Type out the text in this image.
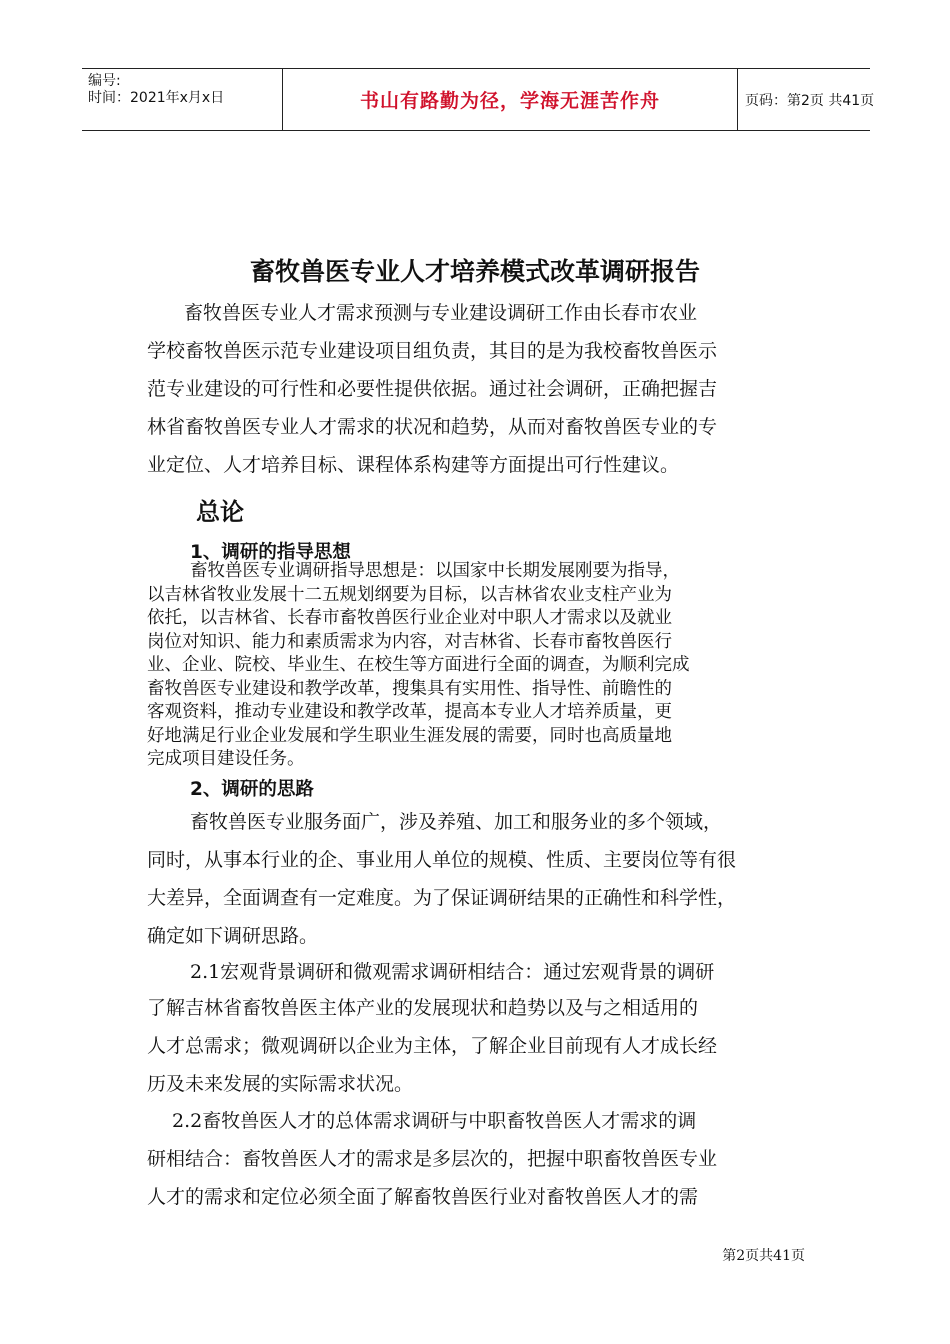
编号:
时间：2021年x月x日	书山有路勤为径，学海无涯苦作舟	页码：第2页 共41页
畜牧兽医专业人才培养模式改革调研报告
畜牧兽医专业人才需求预测与专业建设调研工作由长春市农业
学校畜牧兽医示范专业建设项目组负责，其目的是为我校畜牧兽医示
范专业建设的可行性和必要性提供依据。通过社会调研，正确把握吉
林省畜牧兽医专业人才需求的状况和趋势，从而对畜牧兽医专业的专
业定位、人才培养目标、课程体系构建等方面提出可行性建议。
总论
1、调研的指导思想
畜牧兽医专业调研指导思想是：以国家中长期发展刚要为指导，
以吉林省牧业发展十二五规划纲要为目标，以吉林省农业支柱产业为
依托，以吉林省、长春市畜牧兽医行业企业对中职人才需求以及就业
岗位对知识、能力和素质需求为内容，对吉林省、长春市畜牧兽医行
业、企业、院校、毕业生、在校生等方面进行全面的调查，为顺利完成
畜牧兽医专业建设和教学改革，搜集具有实用性、指导性、前瞻性的
客观资料，推动专业建设和教学改革，提高本专业人才培养质量，更
好地满足行业企业发展和学生职业生涯发展的需要，同时也高质量地
完成项目建设任务。
2、调研的思路
畜牧兽医专业服务面广，涉及养殖、加工和服务业的多个领域，
同时，从事本行业的企、事业用人单位的规模、性质、主要岗位等有很
大差异，全面调查有一定难度。为了保证调研结果的正确性和科学性，
确定如下调研思路。
2.1宏观背景调研和微观需求调研相结合：通过宏观背景的调研
了解吉林省畜牧兽医主体产业的发展现状和趋势以及与之相适用的
人才总需求；微观调研以企业为主体，了解企业目前现有人才成长经
历及未来发展的实际需求状况。
2.2畜牧兽医人才的总体需求调研与中职畜牧兽医人才需求的调
研相结合：畜牧兽医人才的需求是多层次的，把握中职畜牧兽医专业
人才的需求和定位必须全面了解畜牧兽医行业对畜牧兽医人才的需
第2页共41页
